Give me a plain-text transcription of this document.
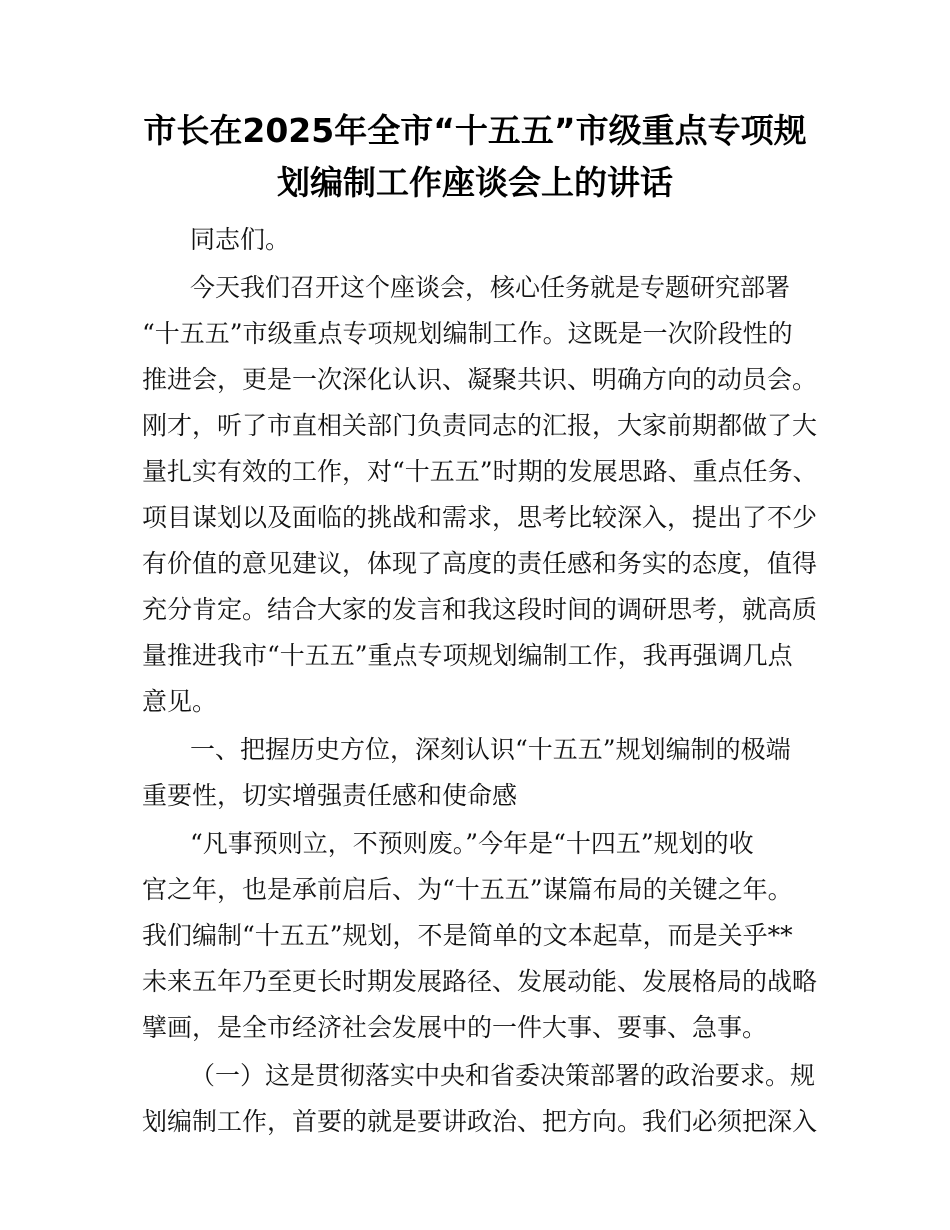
市长在2025年全市“十五五”市级重点专项规
划编制工作座谈会上的讲话
同志们。
今天我们召开这个座谈会，核心任务就是专题研究部署
“十五五”市级重点专项规划编制工作。这既是一次阶段性的
推进会，更是一次深化认识、凝聚共识、明确方向的动员会。
刚才，听了市直相关部门负责同志的汇报，大家前期都做了大
量扎实有效的工作，对“十五五”时期的发展思路、重点任务、
项目谋划以及面临的挑战和需求，思考比较深入，提出了不少
有价值的意见建议，体现了高度的责任感和务实的态度，值得
充分肯定。结合大家的发言和我这段时间的调研思考，就高质
量推进我市“十五五”重点专项规划编制工作，我再强调几点
意见。
一、把握历史方位，深刻认识“十五五”规划编制的极端
重要性，切实增强责任感和使命感
“凡事预则立，不预则废。”今年是“十四五”规划的收
官之年，也是承前启后、为“十五五”谋篇布局的关键之年。
我们编制“十五五”规划，不是简单的文本起草，而是关乎**
未来五年乃至更长时期发展路径、发展动能、发展格局的战略
擘画，是全市经济社会发展中的一件大事、要事、急事。
（一）这是贯彻落实中央和省委决策部署的政治要求。规
划编制工作，首要的就是要讲政治、把方向。我们必须把深入
